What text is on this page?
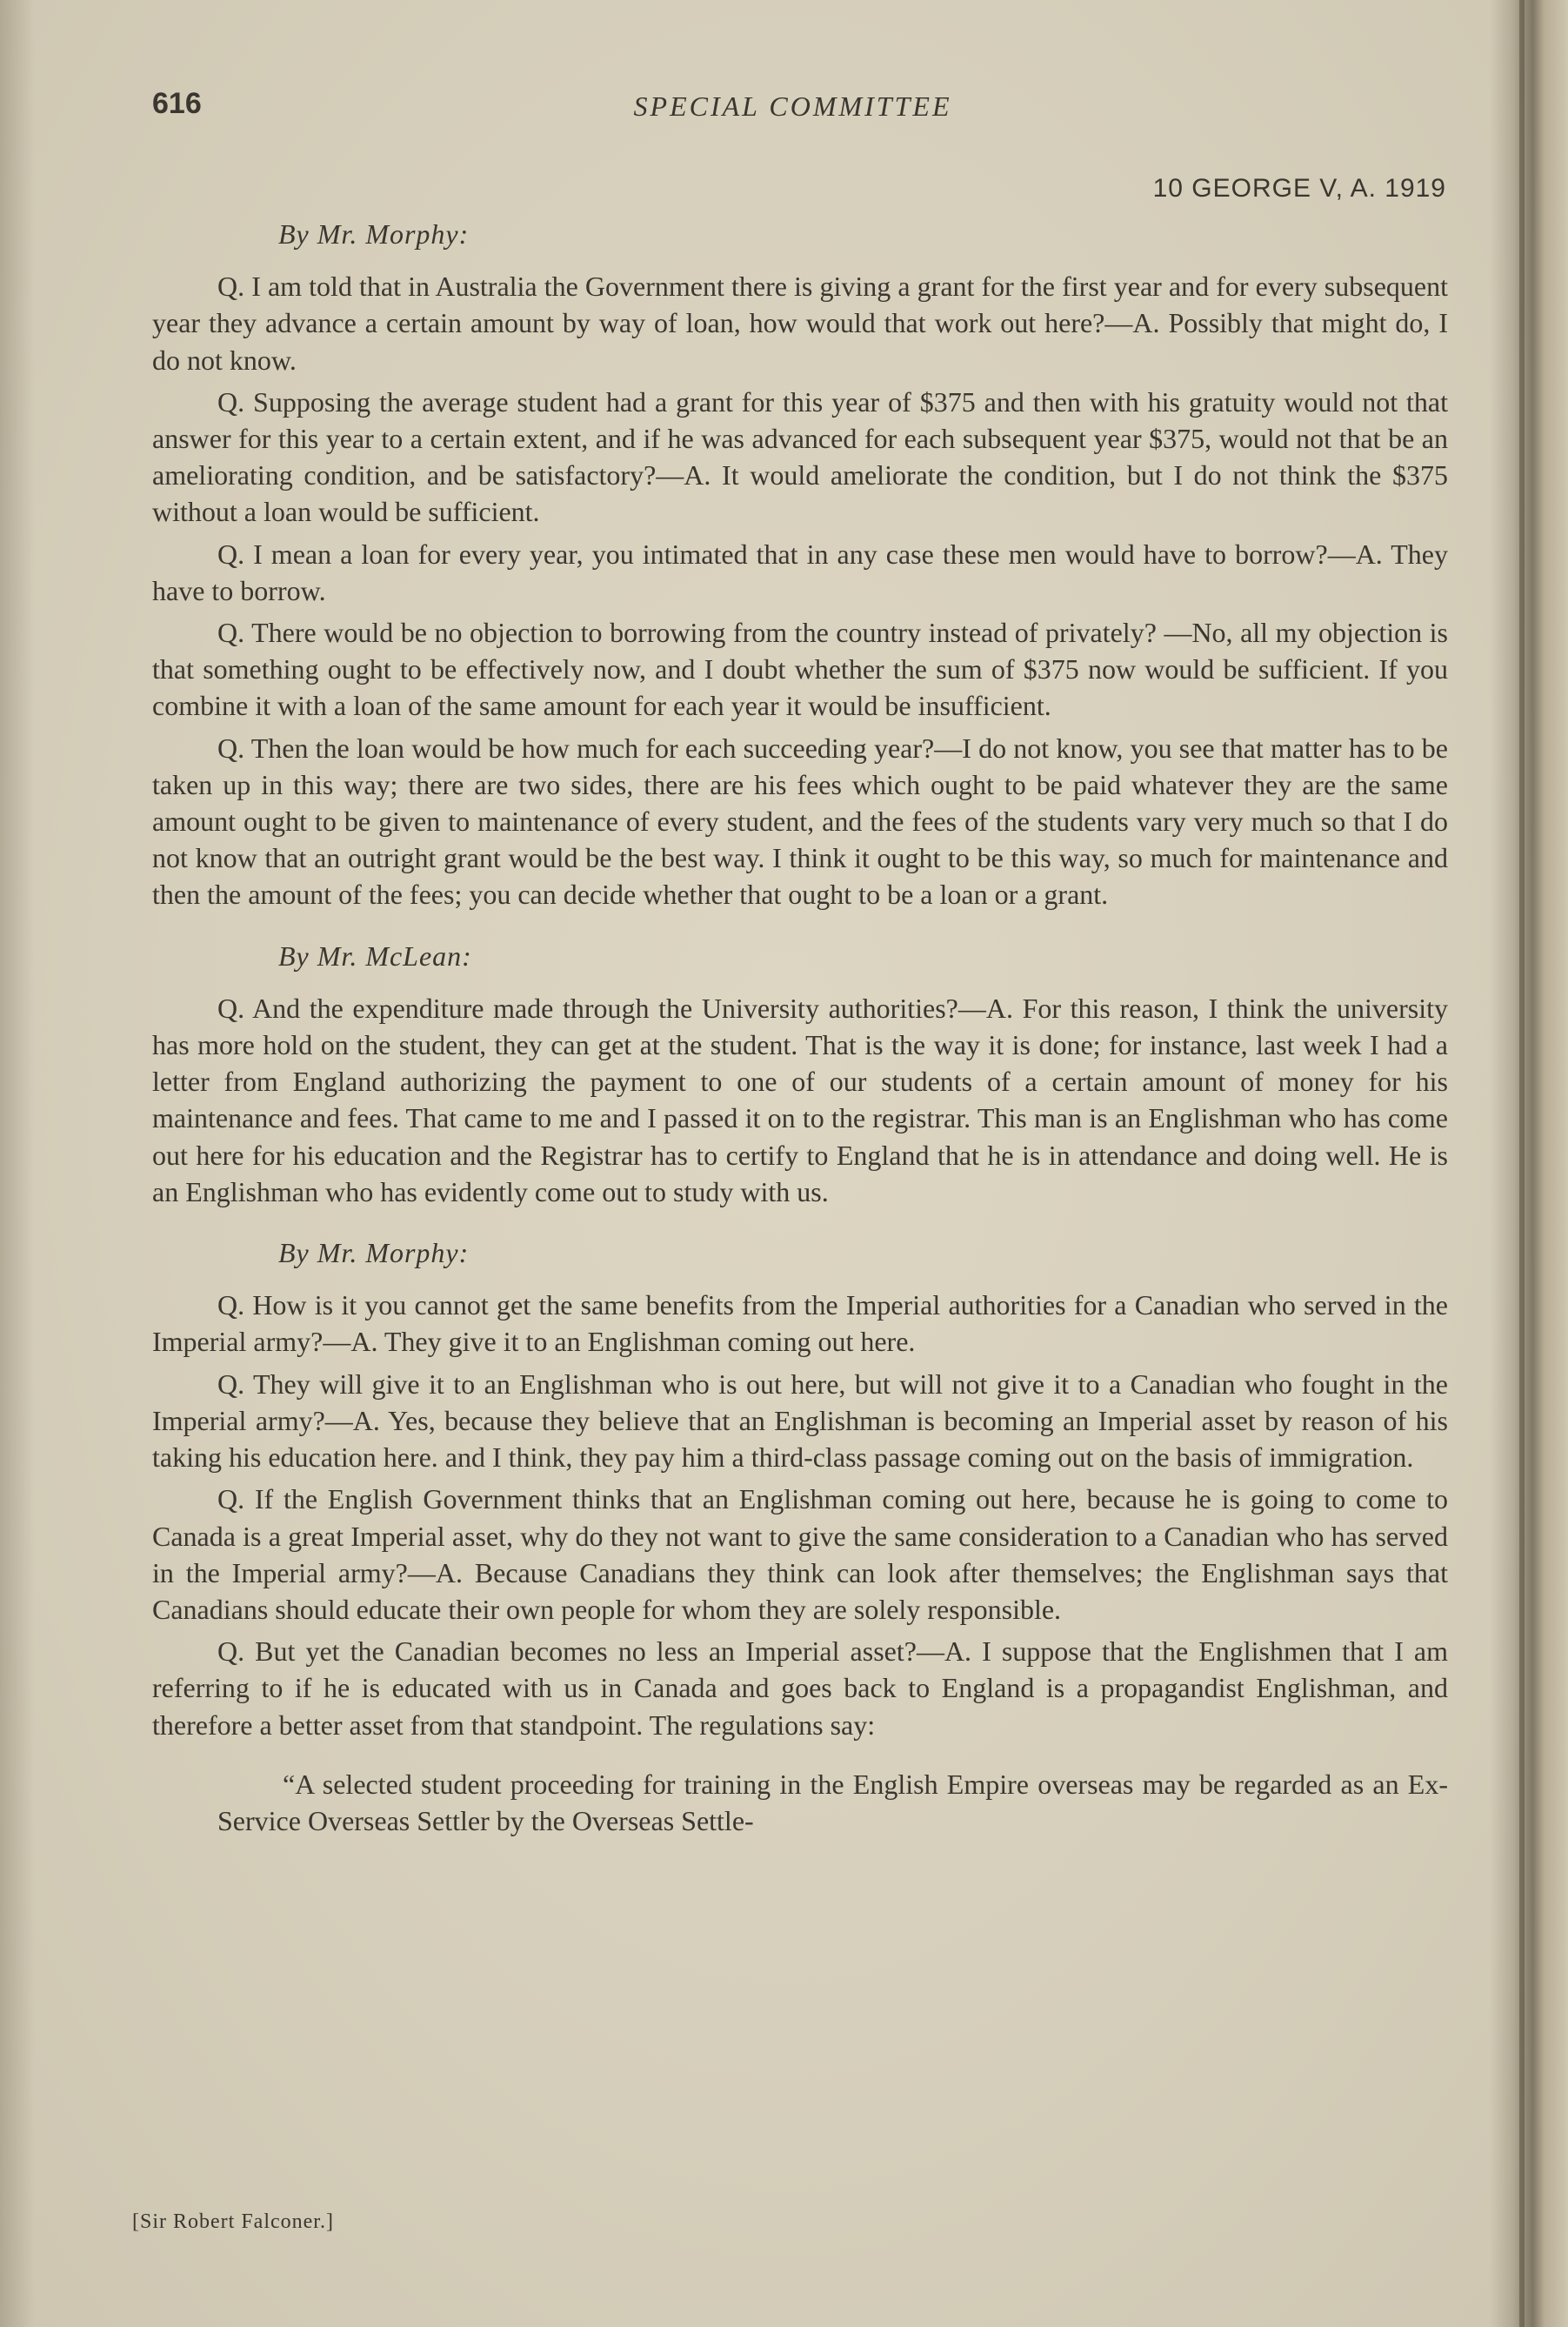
616	SPECIAL COMMITTEE
10 GEORGE V, A. 1919

By Mr. Morphy:

Q. I am told that in Australia the Government there is giving a grant for the first year and for every subsequent year they advance a certain amount by way of loan, how would that work out here?—A. Possibly that might do, I do not know.

Q. Supposing the average student had a grant for this year of $375 and then with his gratuity would not that answer for this year to a certain extent, and if he was advanced for each subsequent year $375, would not that be an ameliorating condition, and be satisfactory?—A. It would ameliorate the condition, but I do not think the $375 without a loan would be sufficient.

Q. I mean a loan for every year, you intimated that in any case these men would have to borrow?—A. They have to borrow.

Q. There would be no objection to borrowing from the country instead of privately? —No, all my objection is that something ought to be effectively now, and I doubt whether the sum of $375 now would be sufficient. If you combine it with a loan of the same amount for each year it would be insufficient.

Q. Then the loan would be how much for each succeeding year?—I do not know, you see that matter has to be taken up in this way; there are two sides, there are his fees which ought to be paid whatever they are the same amount ought to be given to maintenance of every student, and the fees of the students vary very much so that I do not know that an outright grant would be the best way. I think it ought to be this way, so much for maintenance and then the amount of the fees; you can decide whether that ought to be a loan or a grant.

By Mr. McLean:

Q. And the expenditure made through the University authorities?—A. For this reason, I think the university has more hold on the student, they can get at the student. That is the way it is done; for instance, last week I had a letter from England authorizing the payment to one of our students of a certain amount of money for his maintenance and fees. That came to me and I passed it on to the registrar. This man is an Englishman who has come out here for his education and the Registrar has to certify to England that he is in attendance and doing well. He is an Englishman who has evidently come out to study with us.

By Mr. Morphy:

Q. How is it you cannot get the same benefits from the Imperial authorities for a Canadian who served in the Imperial army?—A. They give it to an Englishman coming out here.

Q. They will give it to an Englishman who is out here, but will not give it to a Canadian who fought in the Imperial army?—A. Yes, because they believe that an Englishman is becoming an Imperial asset by reason of his taking his education here. and I think, they pay him a third-class passage coming out on the basis of immigration.

Q. If the English Government thinks that an Englishman coming out here, because he is going to come to Canada is a great Imperial asset, why do they not want to give the same consideration to a Canadian who has served in the Imperial army?—A. Because Canadians they think can look after themselves; the Englishman says that Canadians should educate their own people for whom they are solely responsible.

Q. But yet the Canadian becomes no less an Imperial asset?—A. I suppose that the Englishmen that I am referring to if he is educated with us in Canada and goes back to England is a propagandist Englishman, and therefore a better asset from that standpoint. The regulations say:

“A selected student proceeding for training in the English Empire overseas may be regarded as an Ex-Service Overseas Settler by the Overseas Settle-

[Sir Robert Falconer.]
